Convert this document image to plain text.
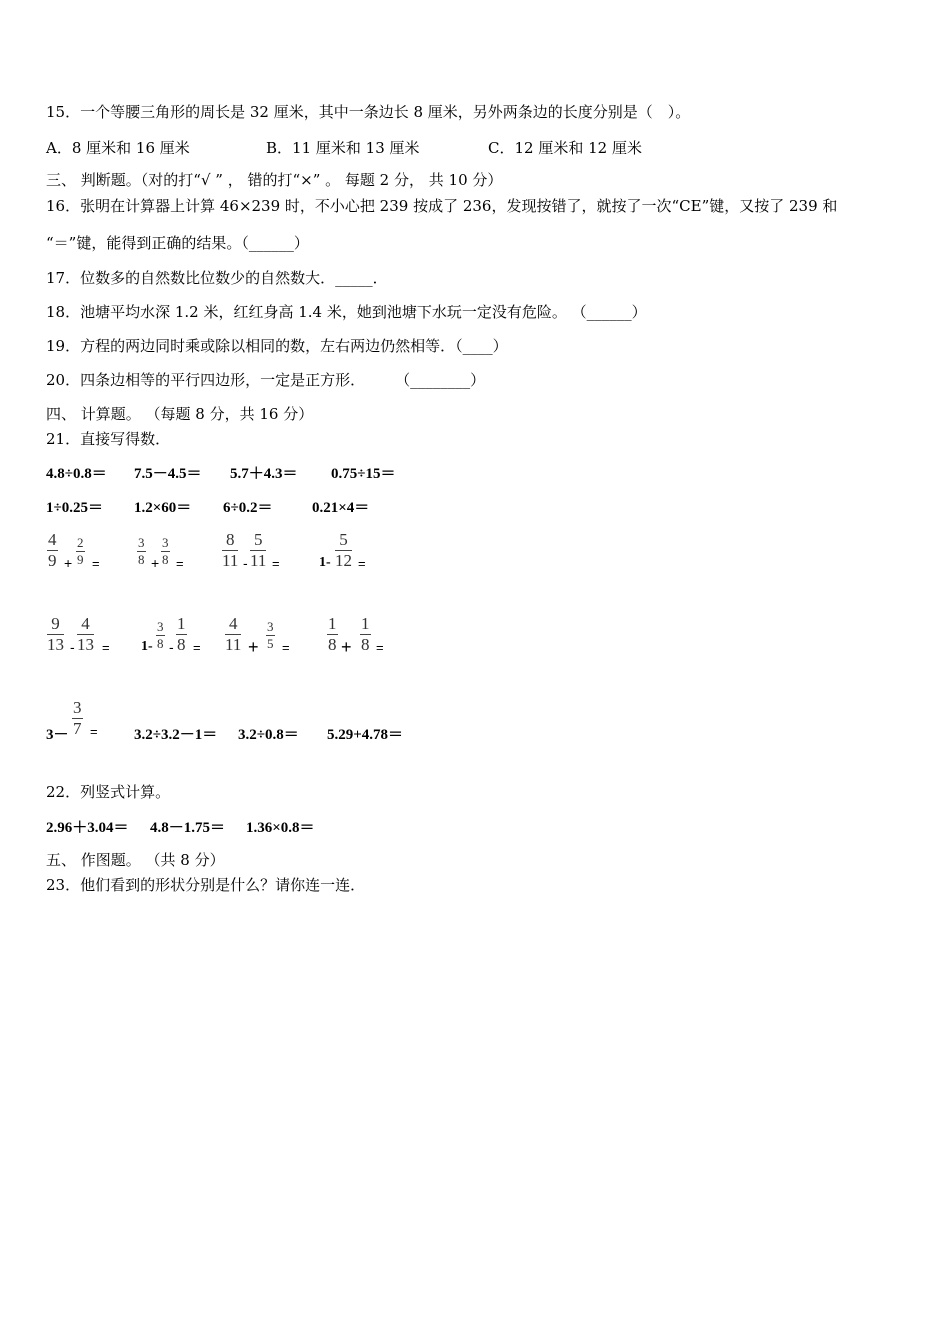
15．一个等腰三角形的周长是 32 厘米，其中一条边长 8 厘米，另外两条边的长度分别是（　）。
A．8 厘米和 16 厘米	B．11 厘米和 13 厘米	C．12 厘米和 12 厘米
三、 判断题。（对的打“√ ” ， 错的打“×” 。 每题 2 分， 共 10 分）
16．张明在计算器上计算 46×239 时，不小心把 239 按成了 236，发现按错了，就按了一次“CE”键，又按了 239 和
“＝”键，能得到正确的结果。（______）
17．位数多的自然数比位数少的自然数大．_____．
18．池塘平均水深 1.2 米，红红身高 1.4 米，她到池塘下水玩一定没有危险。 （______）
19．方程的两边同时乘或除以相同的数，左右两边仍然相等．（____）
20．四条边相等的平行四边形，一定是正方形．　　　（________）
四、 计算题。 （每题 8 分，共 16 分）
21．直接写得数．
4.8÷0.8＝ 7.5－4.5＝ 5.7＋4.3＝ 0.75÷15＝
1÷0.25＝ 1.2×60＝ 6÷0.2＝	0.21×4＝
$\frac{4}{9} + \frac{2}{9}$ =	$\frac{3}{8} + \frac{3}{8} = \frac{8}{11} - \frac{5}{11}$ =	$1- \frac{5}{12}$ =
$\frac{9}{13} - \frac{4}{13} = 1- \frac{3}{8} - \frac{1}{8} = \frac{4}{11} + \frac{3}{5} = \frac{1}{8} + \frac{1}{8}$ =
$3- \frac{3}{7} = 3.2\div 3.2-1= 3.2\div 0.8= 5.29+4.78=$
22．列竖式计算。
2.96＋3.04＝ 4.8－1.75＝ 1.36×0.8＝
五、 作图题。 （共 8 分）
23．他们看到的形状分别是什么？请你连一连．
